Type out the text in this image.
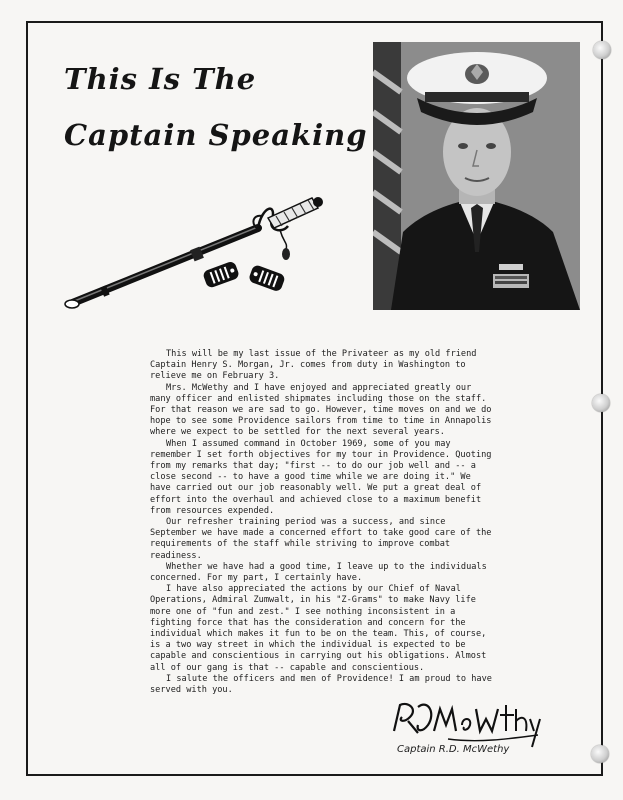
This Is The
Captain Speaking

This will be my last issue of the Privateer as my old friend Captain Henry S. Morgan, Jr. comes from duty in Washington to relieve me on February 3.

Mrs. McWethy and I have enjoyed and appreciated greatly our many officer and enlisted shipmates including those on the staff. For that reason we are sad to go. However, time moves on and we do hope to see some Providence sailors from time to time in Annapolis where we expect to be settled for the next several years.

When I assumed command in October 1969, some of you may remember I set forth objectives for my tour in Providence. Quoting from my remarks that day; "first -- to do our job well and -- a close second -- to have a good time while we are doing it." We have carried out our job reasonably well. We put a great deal of effort into the overhaul and achieved close to a maximum benefit from resources expended.

Our refresher training period was a success, and since September we have made a concerned effort to take good care of the requirements of the staff while striving to improve combat readiness.

Whether we have had a good time, I leave up to the individuals concerned. For my part, I certainly have.

I have also appreciated the actions by our Chief of Naval Operations, Admiral Zumwalt, in his "Z-Grams" to make Navy life more one of "fun and zest." I see nothing inconsistent in a fighting force that has the consideration and concern for the individual which makes it fun to be on the team. This, of course, is a two way street in which the individual is expected to be capable and conscientious in carrying out his obligations. Almost all of our gang is that -- capable and conscientious.

I salute the officers and men of Providence! I am proud to have served with you.

Captain R.D. McWethy
